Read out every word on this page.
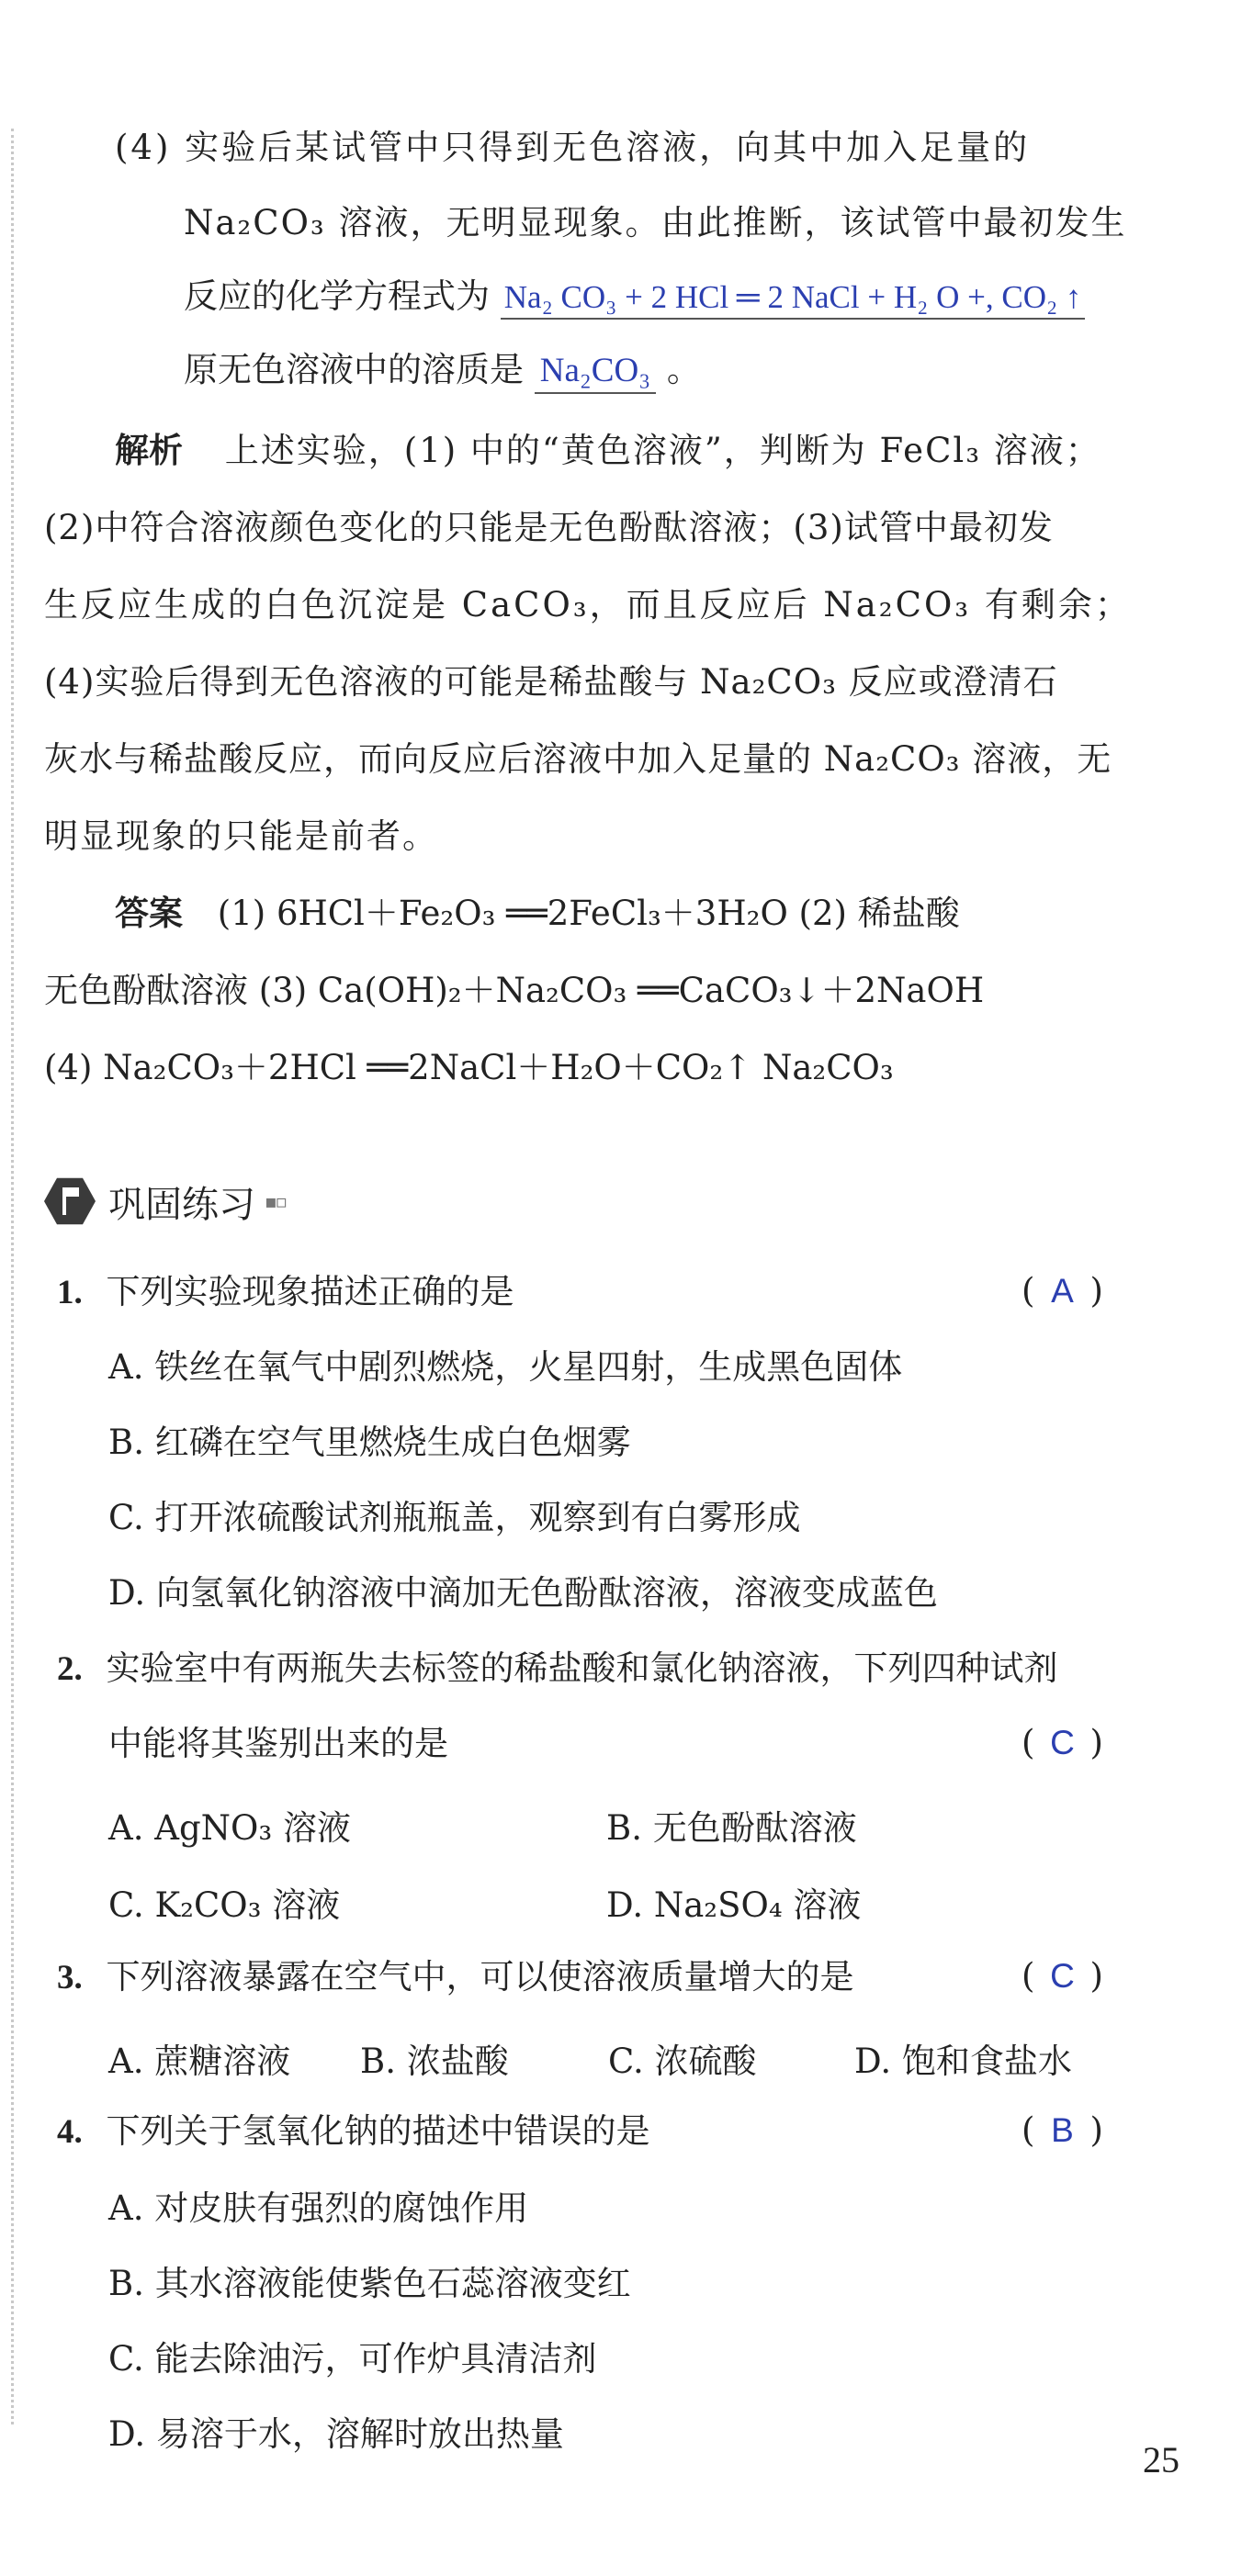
(4) 实验后某试管中只得到无色溶液，向其中加入足量的
Na₂CO₃ 溶液，无明显现象。由此推断，该试管中最初发生
反应的化学方程式为 Na₂ CO₃ + 2 HCl ═ 2 NaCl + H₂ O +, CO₂ ↑
原无色溶液中的溶质是 Na₂CO₃ 。
解析 上述实验，(1) 中的“黄色溶液”，判断为 FeCl₃ 溶液；
(2)中符合溶液颜色变化的只能是无色酚酞溶液；(3)试管中最初发
生反应生成的白色沉淀是 CaCO₃，而且反应后 Na₂CO₃ 有剩余；
(4)实验后得到无色溶液的可能是稀盐酸与 Na₂CO₃ 反应或澄清石
灰水与稀盐酸反应，而向反应后溶液中加入足量的 Na₂CO₃ 溶液，无
明显现象的只能是前者。
答案 (1) 6HCl＋Fe₂O₃ ══2FeCl₃＋3H₂O (2) 稀盐酸
无色酚酞溶液 (3) Ca(OH)₂＋Na₂CO₃ ══CaCO₃↓＋2NaOH
(4) Na₂CO₃＋2HCl ══2NaCl＋H₂O＋CO₂↑ Na₂CO₃
巩固练习 ▪▫
1. 下列实验现象描述正确的是	( A )
A. 铁丝在氧气中剧烈燃烧，火星四射，生成黑色固体
B. 红磷在空气里燃烧生成白色烟雾
C. 打开浓硫酸试剂瓶瓶盖，观察到有白雾形成
D. 向氢氧化钠溶液中滴加无色酚酞溶液，溶液变成蓝色
2. 实验室中有两瓶失去标签的稀盐酸和氯化钠溶液，下列四种试剂
中能将其鉴别出来的是	( C )
A. AgNO₃ 溶液	B. 无色酚酞溶液
C. K₂CO₃ 溶液	D. Na₂SO₄ 溶液
3. 下列溶液暴露在空气中，可以使溶液质量增大的是	( C )
A. 蔗糖溶液 B. 浓盐酸	C. 浓硫酸	D. 饱和食盐水
4. 下列关于氢氧化钠的描述中错误的是	( B )
A. 对皮肤有强烈的腐蚀作用
B. 其水溶液能使紫色石蕊溶液变红
C. 能去除油污，可作炉具清洁剂
D. 易溶于水，溶解时放出热量
25
